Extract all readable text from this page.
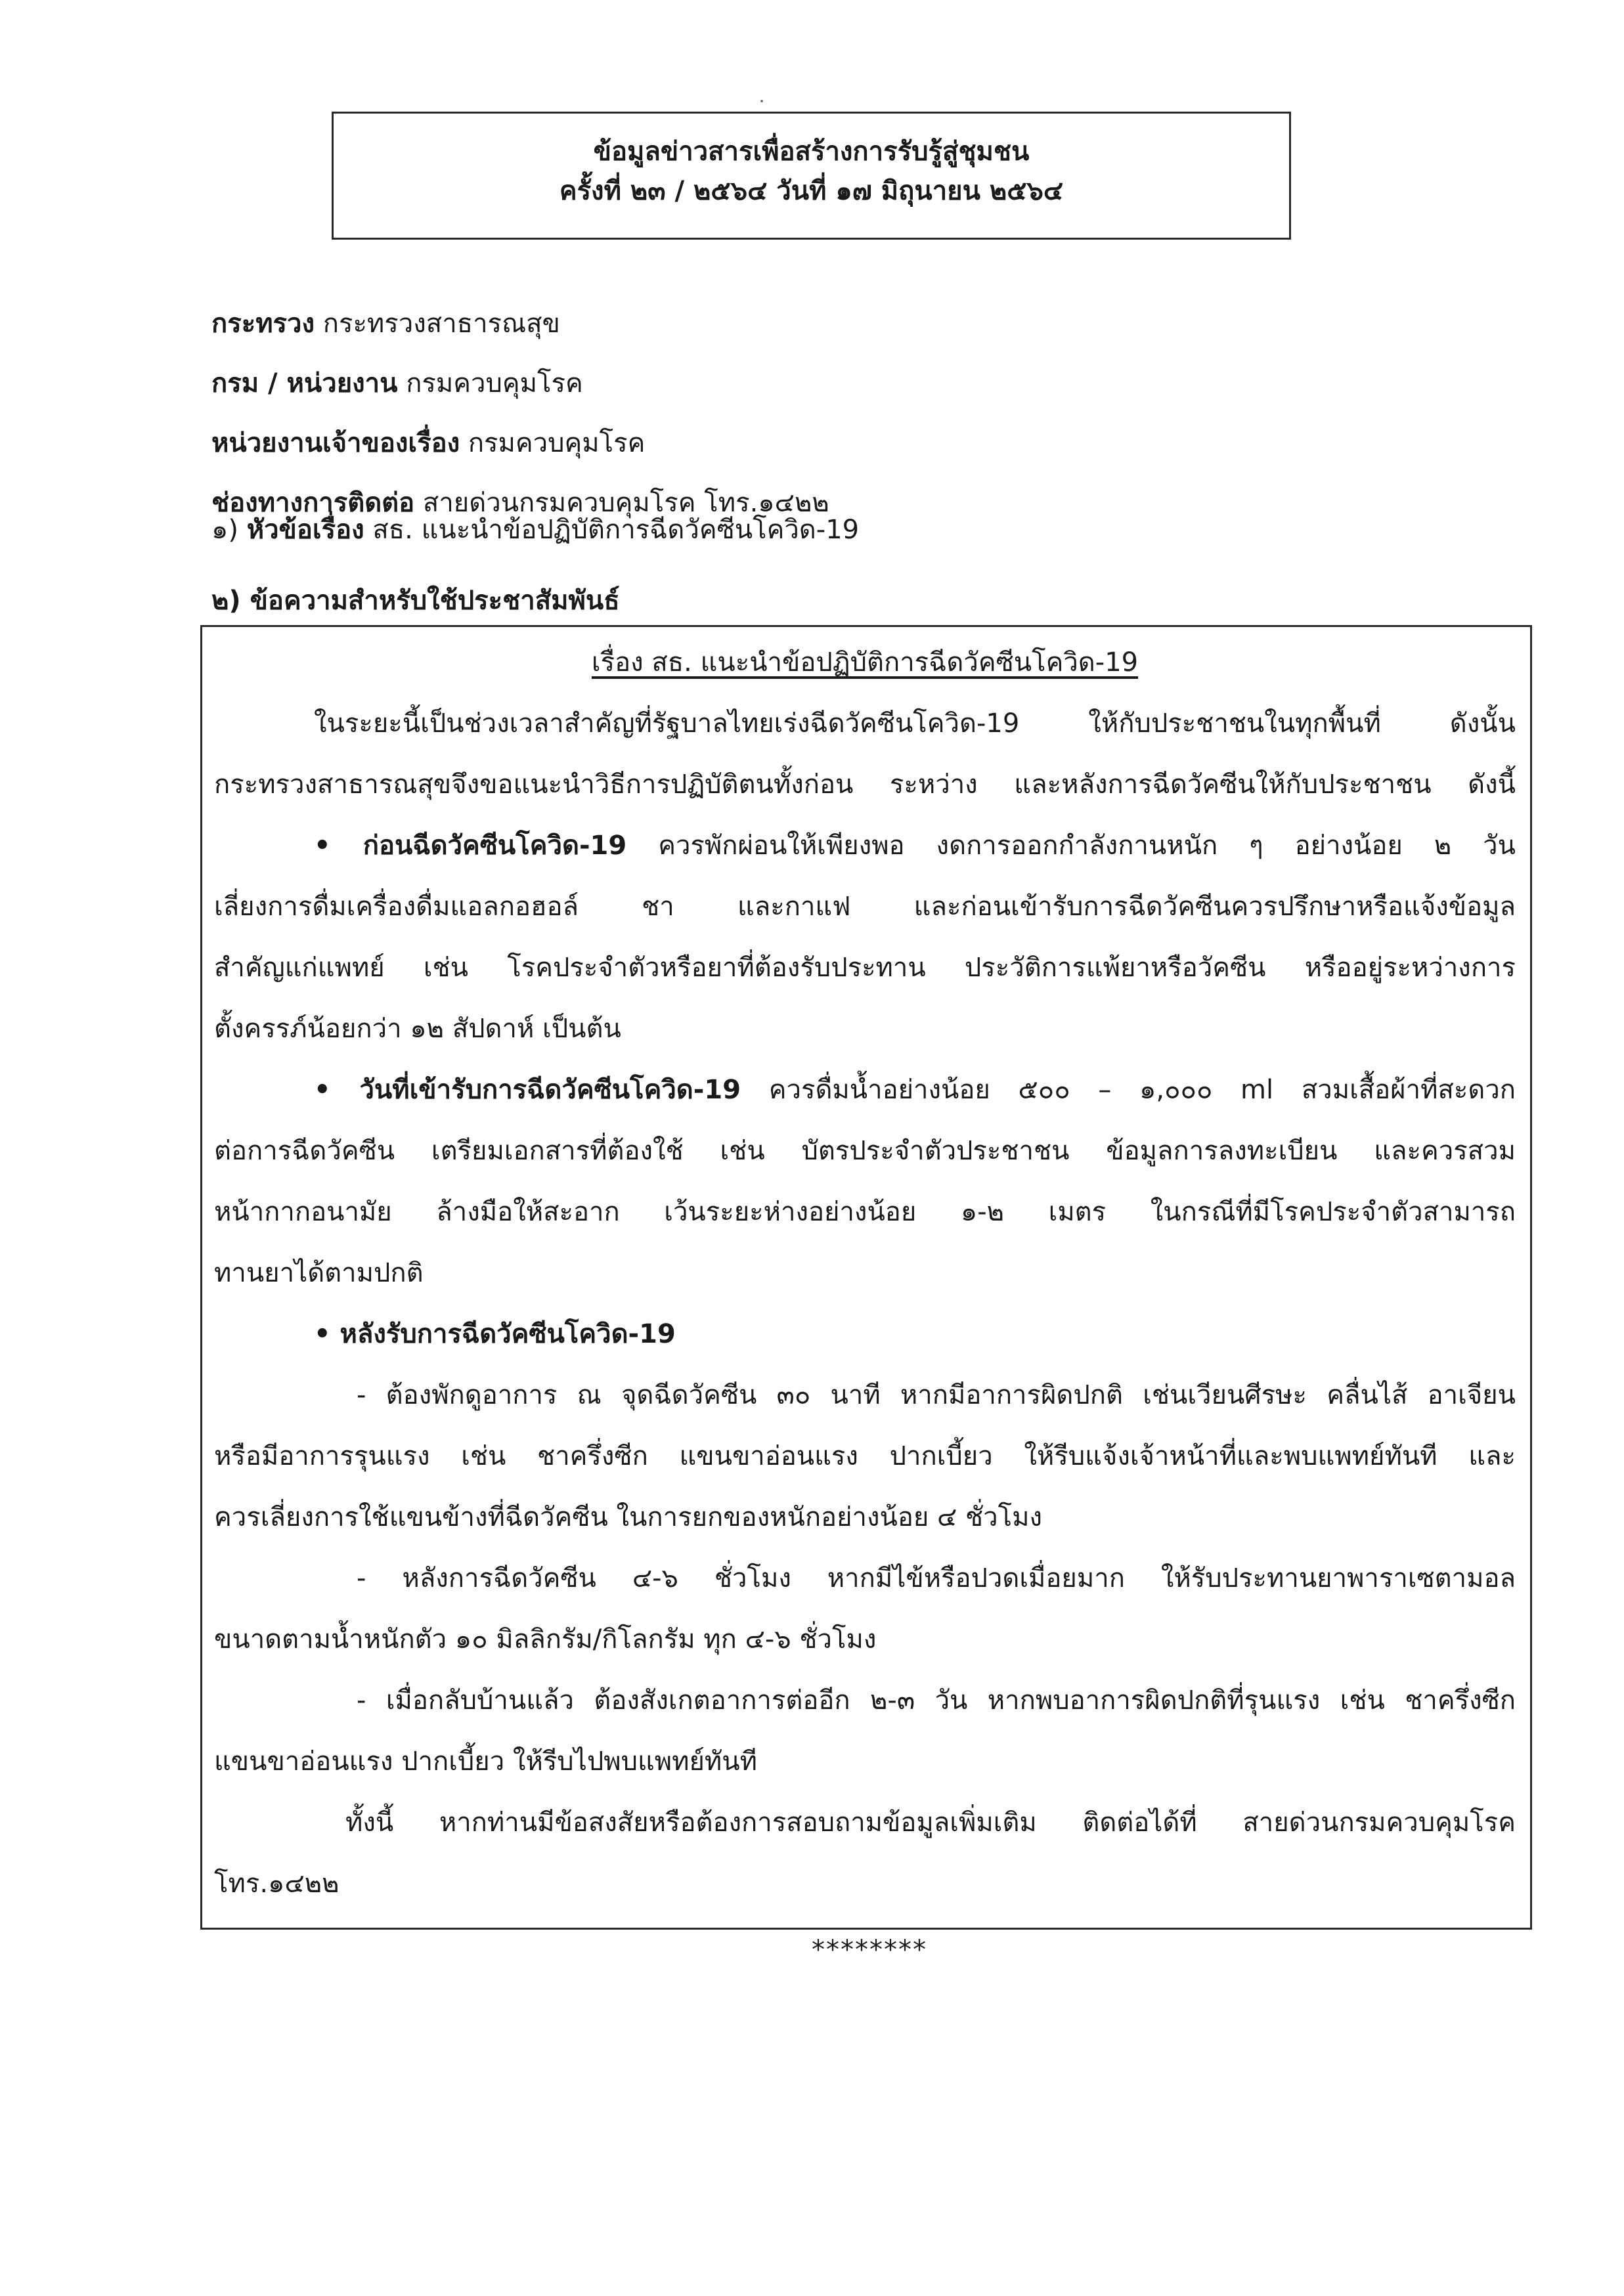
ข้อมูลข่าวสารเพื่อสร้างการรับรู้สู่ชุมชน
ครั้งที่ ๒๓ / ๒๕๖๔ วันที่ ๑๗ มิถุนายน ๒๕๖๔
กระทรวง กระทรวงสาธารณสุข
กรม / หน่วยงาน กรมควบคุมโรค
หน่วยงานเจ้าของเรื่อง กรมควบคุมโรค
ช่องทางการติดต่อ สายด่วนกรมควบคุมโรค โทร.๑๔๒๒
๑) หัวข้อเรื่อง สธ. แนะนำข้อปฏิบัติการฉีดวัคซีนโควิด-19
๒) ข้อความสำหรับใช้ประชาสัมพันธ์
เรื่อง สธ. แนะนำข้อปฏิบัติการฉีดวัคซีนโควิด-19
ในระยะนี้เป็นช่วงเวลาสำคัญที่รัฐบาลไทยเร่งฉีดวัคซีนโควิด-19 ให้กับประชาชนในทุกพื้นที่ ดังนั้น
กระทรวงสาธารณสุขจึงขอแนะนำวิธีการปฏิบัติตนทั้งก่อน ระหว่าง และหลังการฉีดวัคซีนให้กับประชาชน ดังนี้
• ก่อนฉีดวัคซีนโควิด-19 ควรพักผ่อนให้เพียงพอ งดการออกกำลังกานหนัก ๆ อย่างน้อย ๒ วัน
เลี่ยงการดื่มเครื่องดื่มแอลกอฮอล์ ชา และกาแฟ และก่อนเข้ารับการฉีดวัคซีนควรปรึกษาหรือแจ้งข้อมูล
สำคัญแก่แพทย์ เช่น โรคประจำตัวหรือยาที่ต้องรับประทาน ประวัติการแพ้ยาหรือวัคซีน หรืออยู่ระหว่างการ
ตั้งครรภ์น้อยกว่า ๑๒ สัปดาห์ เป็นต้น
• วันที่เข้ารับการฉีดวัคซีนโควิด-19 ควรดื่มน้ำอย่างน้อย ๕๐๐ – ๑,๐๐๐ ml สวมเสื้อผ้าที่สะดวก
ต่อการฉีดวัคซีน เตรียมเอกสารที่ต้องใช้ เช่น บัตรประจำตัวประชาชน ข้อมูลการลงทะเบียน และควรสวม
หน้ากากอนามัย ล้างมือให้สะอาก เว้นระยะห่างอย่างน้อย ๑-๒ เมตร ในกรณีที่มีโรคประจำตัวสามารถ
ทานยาได้ตามปกติ
• หลังรับการฉีดวัคซีนโควิด-19
- ต้องพักดูอาการ ณ จุดฉีดวัคซีน ๓๐ นาที หากมีอาการผิดปกติ เช่นเวียนศีรษะ คลื่นไส้ อาเจียน
หรือมีอาการรุนแรง เช่น ชาครึ่งซีก แขนขาอ่อนแรง ปากเบี้ยว ให้รีบแจ้งเจ้าหน้าที่และพบแพทย์ทันที และ
ควรเลี่ยงการใช้แขนข้างที่ฉีดวัคซีน ในการยกของหนักอย่างน้อย ๔ ชั่วโมง
- หลังการฉีดวัคซีน ๔-๖ ชั่วโมง หากมีไข้หรือปวดเมื่อยมาก ให้รับประทานยาพาราเซตามอล
ขนาดตามน้ำหนักตัว ๑๐ มิลลิกรัม/กิโลกรัม ทุก ๔-๖ ชั่วโมง
- เมื่อกลับบ้านแล้ว ต้องสังเกตอาการต่ออีก ๒-๓ วัน หากพบอาการผิดปกติที่รุนแรง เช่น ชาครึ่งซีก
แขนขาอ่อนแรง ปากเบี้ยว ให้รีบไปพบแพทย์ทันที
ทั้งนี้ หากท่านมีข้อสงสัยหรือต้องการสอบถามข้อมูลเพิ่มเติม ติดต่อได้ที่ สายด่วนกรมควบคุมโรค
โทร.๑๔๒๒
********
